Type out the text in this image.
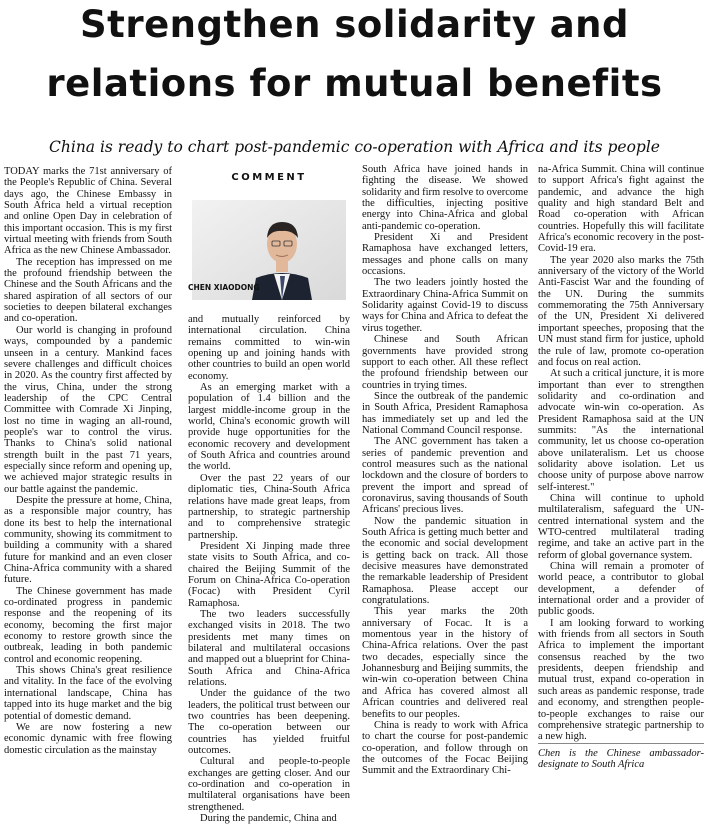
Strengthen solidarity and
relations for mutual benefits
China is ready to chart post-pandemic co-operation with Africa and its people

TODAY marks the 71st anniversary of the People's Republic of China. Several days ago, the Chinese Embassy in South Africa held a virtual reception and online Open Day in celebration of this important occasion. This is my first virtual meeting with friends from South Africa as the new Chinese Ambassador.

The reception has impressed on me the profound friendship between the Chinese and the South Africans and the shared aspiration of all sectors of our societies to deepen bilateral exchanges and co-operation.

Our world is changing in profound ways, compounded by a pandemic unseen in a century. Mankind faces severe challenges and difficult choices in 2020. As the country first affected by the virus, China, under the strong leadership of the CPC Central Committee with Comrade Xi Jinping, lost no time in waging an all-round, people's war to control the virus. Thanks to China's solid national strength built in the past 71 years, especially since reform and opening up, we achieved major strategic results in our battle against the pandemic.

Despite the pressure at home, China, as a responsible major country, has done its best to help the international community, showing its commitment to building a community with a shared future for mankind and an even closer China-Africa community with a shared future.

The Chinese government has made co-ordinated progress in pandemic response and the reopening of its economy, becoming the first major economy to restore growth since the outbreak, leading in both pandemic control and economic reopening.

This shows China's great resilience and vitality. In the face of the evolving international landscape, China has tapped into its huge market and the big potential of domestic demand.

We are now fostering a new economic dynamic with free flowing domestic circulation as the mainstay

COMMENT
CHEN XIAODONG

and mutually reinforced by international circulation. China remains committed to win-win opening up and joining hands with other countries to build an open world economy.

As an emerging market with a population of 1.4 billion and the largest middle-income group in the world, China's economic growth will provide huge opportunities for the economic recovery and development of South Africa and countries around the world.

Over the past 22 years of our diplomatic ties, China-South Africa relations have made great leaps, from partnership, to strategic partnership and to comprehensive strategic partnership.

President Xi Jinping made three state visits to South Africa, and co-chaired the Beijing Summit of the Forum on China-Africa Co-operation (Focac) with President Cyril Ramaphosa.

The two leaders successfully exchanged visits in 2018. The two presidents met many times on bilateral and multilateral occasions and mapped out a blueprint for China-South Africa and China-Africa relations.

Under the guidance of the two leaders, the political trust between our two countries has been deepening. The co-operation between our countries has yielded fruitful outcomes.

Cultural and people-to-people exchanges are getting closer. And our co-ordination and co-operation in multilateral organisations have been strengthened.

During the pandemic, China and

South Africa have joined hands in fighting the disease. We showed solidarity and firm resolve to overcome the difficulties, injecting positive energy into China-Africa and global anti-pandemic co-operation.

President Xi and President Ramaphosa have exchanged letters, messages and phone calls on many occasions.

The two leaders jointly hosted the Extraordinary China-Africa Summit on Solidarity against Covid-19 to discuss ways for China and Africa to defeat the virus together.

Chinese and South African governments have provided strong support to each other. All these reflect the profound friendship between our countries in trying times.

Since the outbreak of the pandemic in South Africa, President Ramaphosa has immediately set up and led the National Command Council response.

The ANC government has taken a series of pandemic prevention and control measures such as the national lockdown and the closure of borders to prevent the import and spread of coronavirus, saving thousands of South Africans' precious lives.

Now the pandemic situation in South Africa is getting much better and the economic and social development is getting back on track. All those decisive measures have demonstrated the remarkable leadership of President Ramaphosa. Please accept our congratulations.

This year marks the 20th anniversary of Focac. It is a momentous year in the history of China-Africa relations. Over the past two decades, especially since the Johannesburg and Beijing summits, the win-win co-operation between China and Africa has covered almost all African countries and delivered real benefits to our peoples.

China is ready to work with Africa to chart the course for post-pandemic co-operation, and follow through on the outcomes of the Focac Beijing Summit and the Extraordinary Chi-

na-Africa Summit. China will continue to support Africa's fight against the pandemic, and advance the high quality and high standard Belt and Road co-operation with African countries. Hopefully this will facilitate Africa's economic recovery in the post-Covid-19 era.

The year 2020 also marks the 75th anniversary of the victory of the World Anti-Fascist War and the founding of the UN. During the summits commemorating the 75th Anniversary of the UN, President Xi delivered important speeches, proposing that the UN must stand firm for justice, uphold the rule of law, promote co-operation and focus on real action.

At such a critical juncture, it is more important than ever to strengthen solidarity and co-ordination and advocate win-win co-operation. As President Ramaphosa said at the UN summits: "As the international community, let us choose co-operation above unilateralism. Let us choose solidarity above isolation. Let us choose unity of purpose above narrow self-interest."

China will continue to uphold multilateralism, safeguard the UN-centred international system and the WTO-centred multilateral trading regime, and take an active part in the reform of global governance system.

China will remain a promoter of world peace, a contributor to global development, a defender of international order and a provider of public goods.

I am looking forward to working with friends from all sectors in South Africa to implement the important consensus reached by the two presidents, deepen friendship and mutual trust, expand co-operation in such areas as pandemic response, trade and economy, and strengthen people-to-people exchanges to raise our comprehensive strategic partnership to a new high.

Chen is the Chinese ambassador-designate to South Africa
